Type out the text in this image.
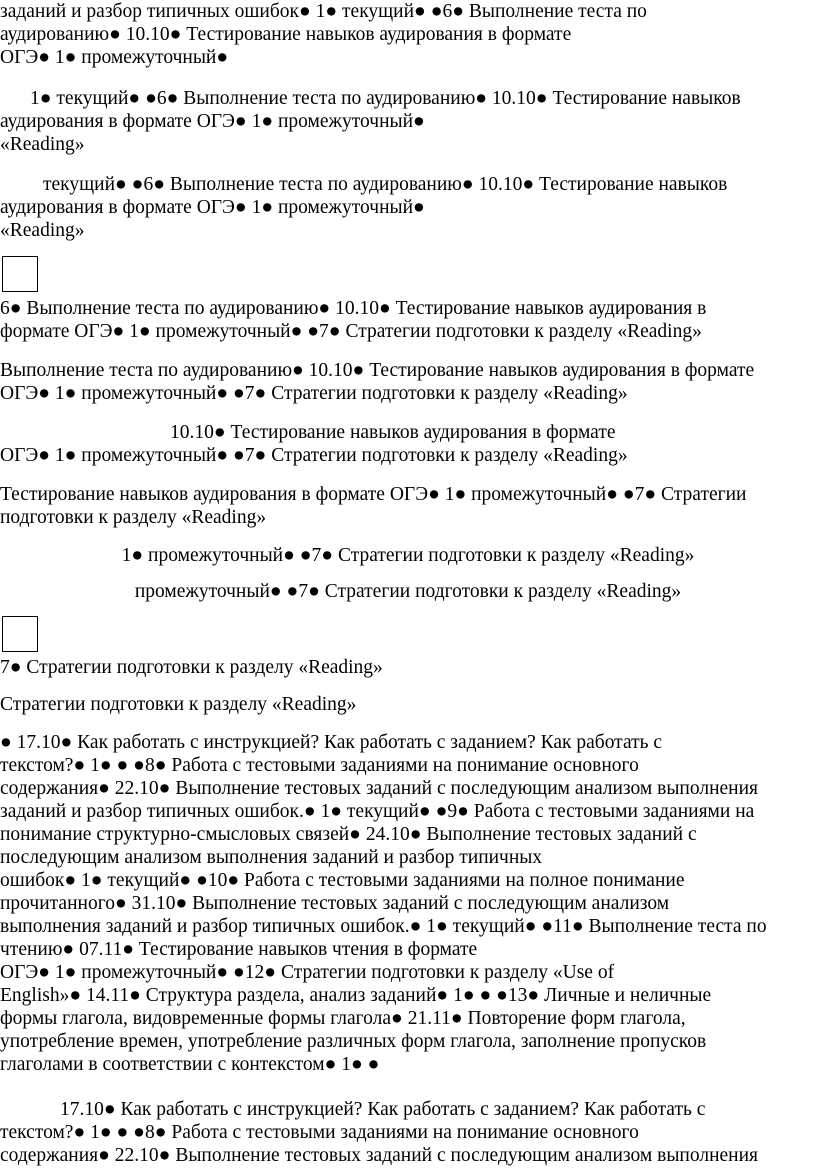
заданий и разбор типичных ошибок● 1● текущий● ●6● Выполнение теста по
аудированию● 10.10● Тестирование навыков аудирования в формате
ОГЭ● 1● промежуточный●
1● текущий● ●6● Выполнение теста по аудированию● 10.10● Тестирование навыков
аудирования в формате ОГЭ● 1● промежуточный●
«Reading»
текущий● ●6● Выполнение теста по аудированию● 10.10● Тестирование навыков
аудирования в формате ОГЭ● 1● промежуточный●
«Reading»
6● Выполнение теста по аудированию● 10.10● Тестирование навыков аудирования в
формате ОГЭ● 1● промежуточный● ●7● Стратегии подготовки к разделу «Reading»
Выполнение теста по аудированию● 10.10● Тестирование навыков аудирования в формате
ОГЭ● 1● промежуточный● ●7● Стратегии подготовки к разделу «Reading»
10.10● Тестирование навыков аудирования в формате
ОГЭ● 1● промежуточный● ●7● Стратегии подготовки к разделу «Reading»
Тестирование навыков аудирования в формате ОГЭ● 1● промежуточный● ●7● Стратегии
подготовки к разделу «Reading»
1● промежуточный● ●7● Стратегии подготовки к разделу «Reading»
промежуточный● ●7● Стратегии подготовки к разделу «Reading»
7● Стратегии подготовки к разделу «Reading»
Стратегии подготовки к разделу «Reading»
● 17.10● Как работать с инструкцией? Как работать с заданием? Как работать с
текстом?● 1● ● ●8● Работа с тестовыми заданиями на понимание основного
содержания● 22.10● Выполнение тестовых заданий с последующим анализом выполнения
заданий и разбор типичных ошибок.● 1● текущий● ●9● Работа с тестовыми заданиями на
понимание структурно-смысловых связей● 24.10● Выполнение тестовых заданий с
последующим анализом выполнения заданий и разбор типичных
ошибок● 1● текущий● ●10● Работа с тестовыми заданиями на полное понимание
прочитанного● 31.10● Выполнение тестовых заданий с последующим анализом
выполнения заданий и разбор типичных ошибок.● 1● текущий● ●11● Выполнение теста по
чтению● 07.11● Тестирование навыков чтения в формате
ОГЭ● 1● промежуточный● ●12● Стратегии подготовки к разделу «Use of
English»● 14.11● Структура раздела, анализ заданий● 1● ● ●13● Личные и неличные
формы глагола, видовременные формы глагола● 21.11● Повторение форм глагола,
употребление времен, употребление различных форм глагола, заполнение пропусков
глаголами в соответствии с контекстом● 1● ●
17.10● Как работать с инструкцией? Как работать с заданием? Как работать с
текстом?● 1● ● ●8● Работа с тестовыми заданиями на понимание основного
содержания● 22.10● Выполнение тестовых заданий с последующим анализом выполнения
